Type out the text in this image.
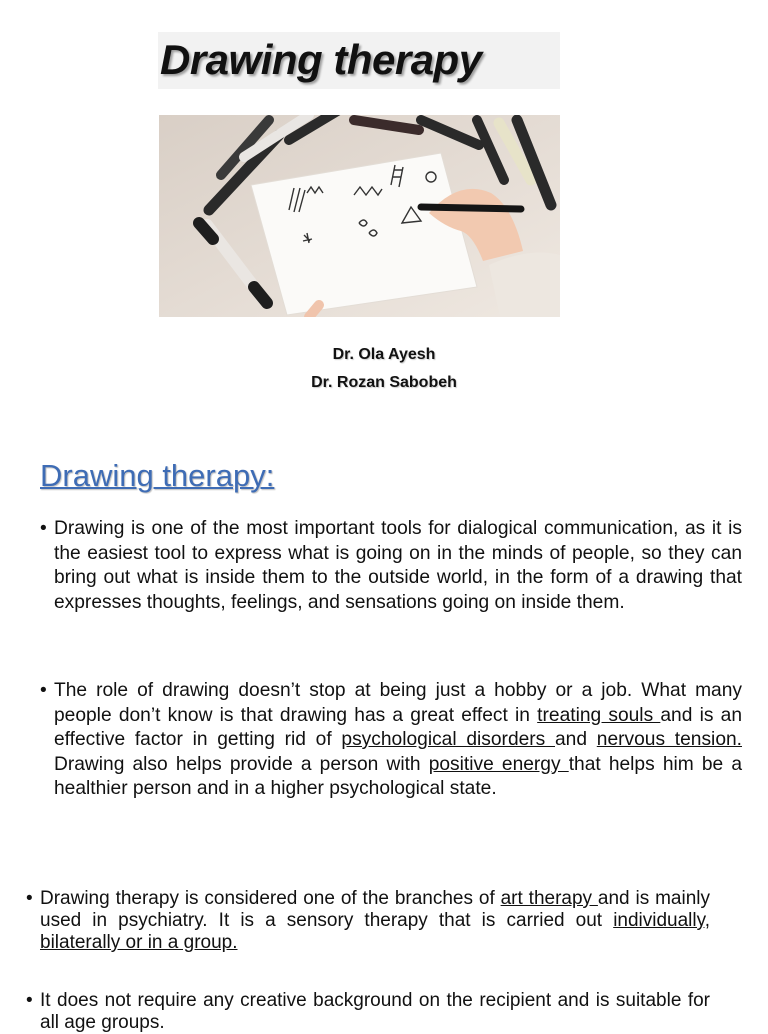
Drawing therapy
Dr. Ola Ayesh
Dr. Rozan Sabobeh
Drawing therapy:
• Drawing is one of the most important tools for dialogical communication, as it is the easiest tool to express what is going on in the minds of people, so they can bring out what is inside them to the outside world, in the form of a drawing that expresses thoughts, feelings, and sensations going on inside them.

• The role of drawing doesn’t stop at being just a hobby or a job. What many people don’t know is that drawing has a great effect in treating souls and is an effective factor in getting rid of psychological disorders and nervous tension. Drawing also helps provide a person with positive energy that helps him be a healthier person and in a higher psychological state.

• Drawing therapy is considered one of the branches of art therapy and is mainly used in psychiatry. It is a sensory therapy that is carried out individually, bilaterally or in a group.

• It does not require any creative background on the recipient and is suitable for all age groups.
